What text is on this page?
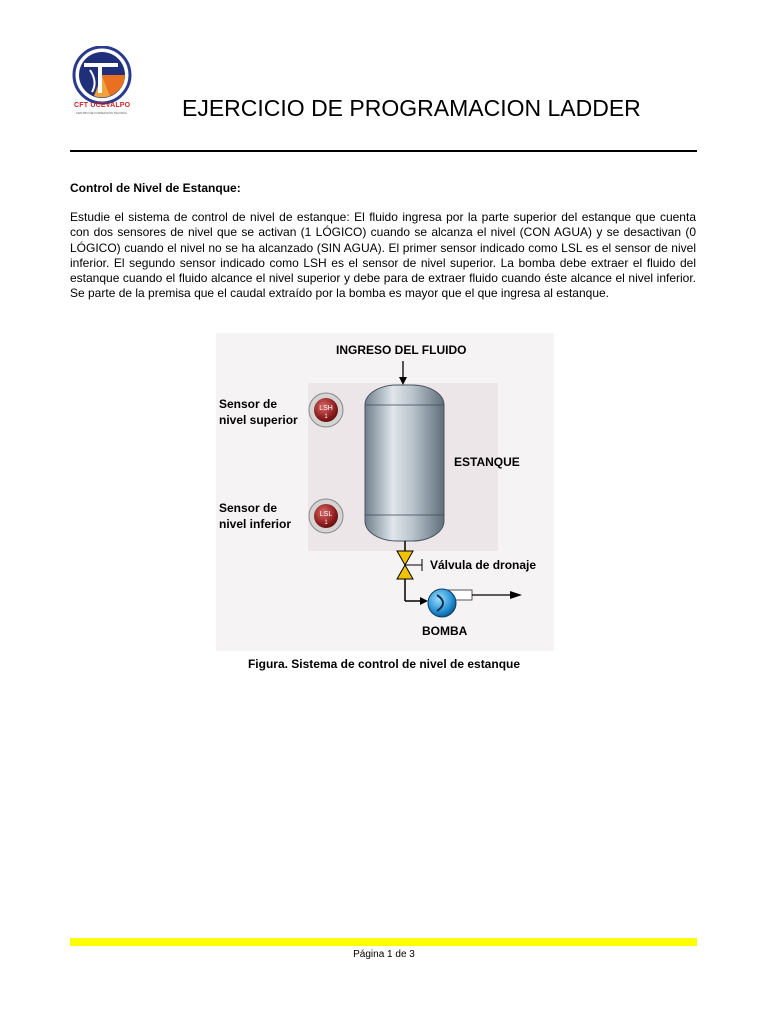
CFT UCEVALPO
CENTRO DE FORMACIÓN TÉCNICA EJERCICIO DE PROGRAMACION LADDER
Control de Nivel de Estanque:

Estudie el sistema de control de nivel de estanque: El fluido ingresa por la parte superior del estanque que cuenta con dos sensores de nivel que se activan (1 LÓGICO) cuando se alcanza el nivel (CON AGUA) y se desactivan (0 LÓGICO) cuando el nivel no se ha alcanzado (SIN AGUA). El primer sensor indicado como LSL es el sensor de nivel inferior. El segundo sensor indicado como LSH es el sensor de nivel superior. La bomba debe extraer el fluido del estanque cuando el fluido alcance el nivel superior y debe para de extraer fluido cuando éste alcance el nivel inferior. Se parte de la premisa que el caudal extraído por la bomba es mayor que el que ingresa al estanque.

INGRESO DEL FLUIDO
ESTANQUE
Sensor de
nivel superior
LSH
1
Sensor de
nivel inferior
LSL
1
Válvula de dronaje
BOMBA
Figura. Sistema de control de nivel de estanque
Página 1 de 3
